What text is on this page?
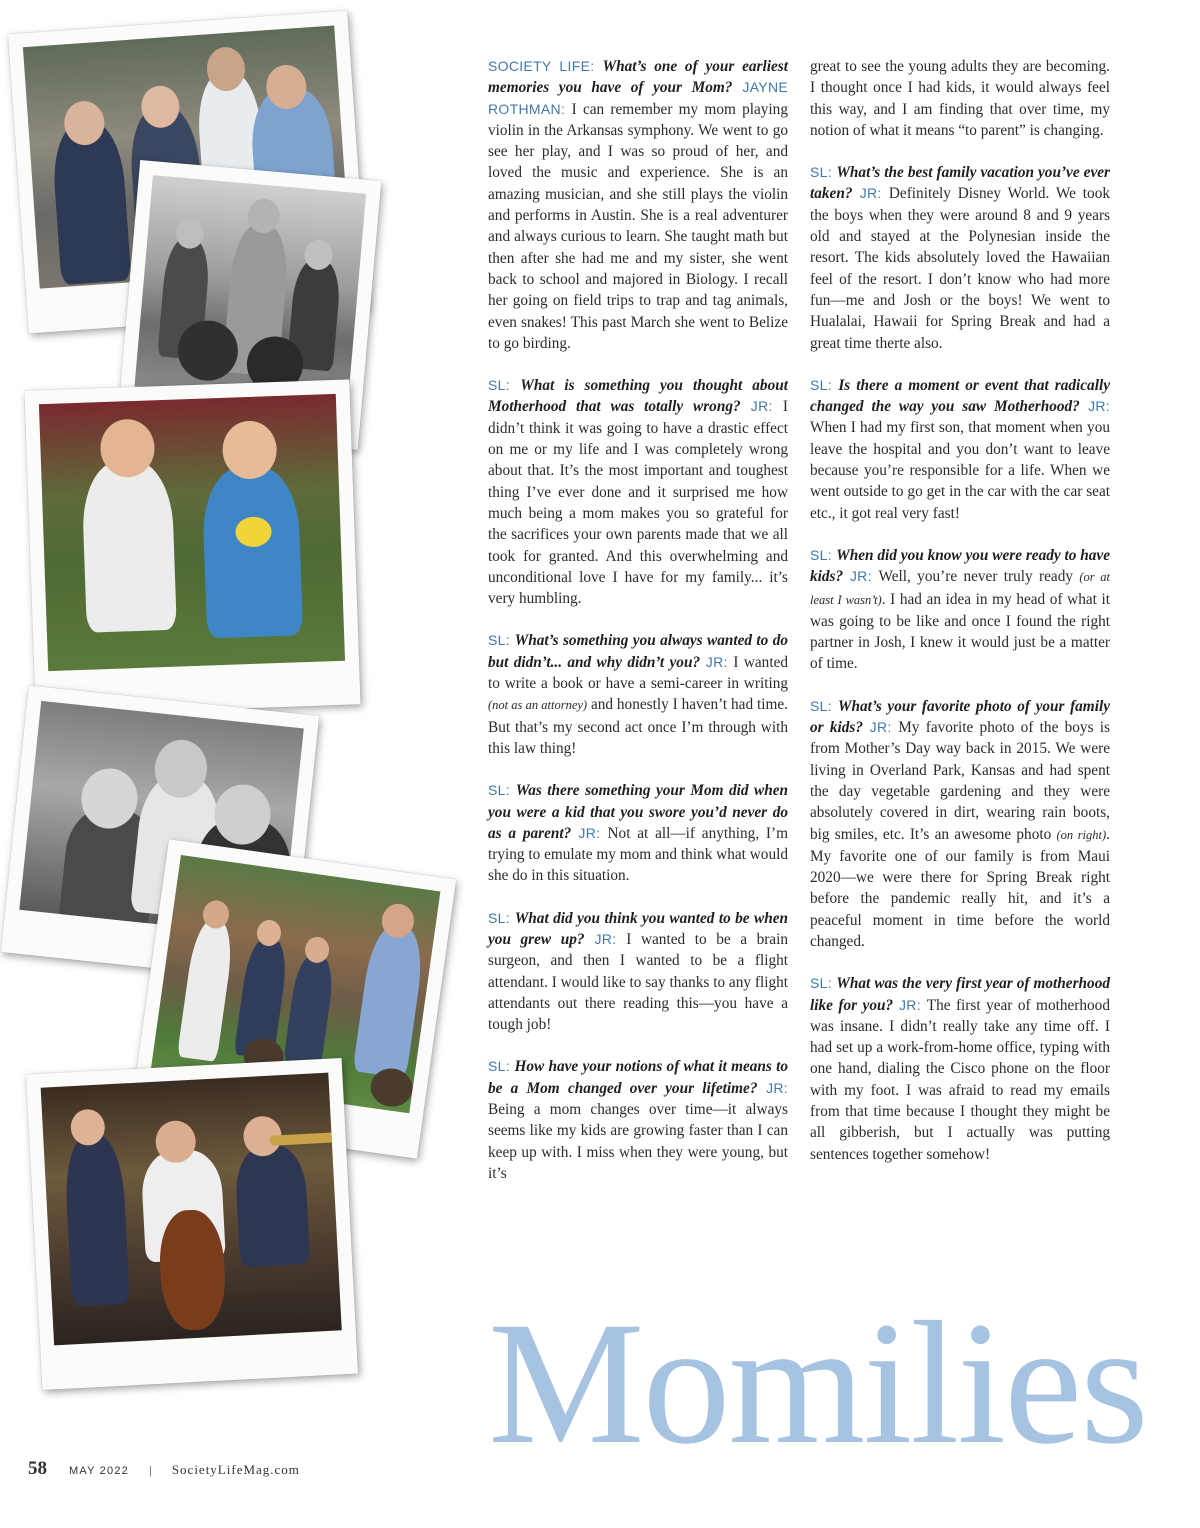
SOCIETY LIFE: What’s one of your earliest memories you have of your Mom? JAYNE ROTHMAN: I can remember my mom playing violin in the Arkansas symphony. We went to go see her play, and I was so proud of her, and loved the music and experience. She is an amazing musician, and she still plays the violin and performs in Austin. She is a real adventurer and always curious to learn. She taught math but then after she had me and my sister, she went back to school and majored in Biology. I recall her going on field trips to trap and tag animals, even snakes! This past March she went to Belize to go birding.

SL: What is something you thought about Motherhood that was totally wrong? JR: I didn’t think it was going to have a drastic effect on me or my life and I was completely wrong about that. It’s the most important and toughest thing I’ve ever done and it surprised me how much being a mom makes you so grateful for the sacrifices your own parents made that we all took for granted. And this overwhelming and unconditional love I have for my family... it’s very humbling.

SL: What’s something you always wanted to do but didn’t... and why didn’t you? JR: I wanted to write a book or have a semi-career in writing (not as an attorney) and honestly I haven’t had time. But that’s my second act once I’m through with this law thing!

SL: Was there something your Mom did when you were a kid that you swore you’d never do as a parent? JR: Not at all—if anything, I’m trying to emulate my mom and think what would she do in this situation.

SL: What did you think you wanted to be when you grew up? JR: I wanted to be a brain surgeon, and then I wanted to be a flight attendant. I would like to say thanks to any flight attendants out there reading this—you have a tough job!

SL: How have your notions of what it means to be a Mom changed over your lifetime? JR: Being a mom changes over time—it always seems like my kids are growing faster than I can keep up with. I miss when they were young, but it’s

great to see the young adults they are becoming. I thought once I had kids, it would always feel this way, and I am finding that over time, my notion of what it means “to parent” is changing.

SL: What’s the best family vacation you’ve ever taken? JR: Definitely Disney World. We took the boys when they were around 8 and 9 years old and stayed at the Polynesian inside the resort. The kids absolutely loved the Hawaiian feel of the resort. I don’t know who had more fun—me and Josh or the boys! We went to Hualalai, Hawaii for Spring Break and had a great time therte also.

SL: Is there a moment or event that radically changed the way you saw Motherhood? JR: When I had my first son, that moment when you leave the hospital and you don’t want to leave because you’re responsible for a life. When we went outside to go get in the car with the car seat etc., it got real very fast!

SL: When did you know you were ready to have kids? JR: Well, you’re never truly ready (or at least I wasn’t). I had an idea in my head of what it was going to be like and once I found the right partner in Josh, I knew it would just be a matter of time.

SL: What’s your favorite photo of your family or kids? JR: My favorite photo of the boys is from Mother’s Day way back in 2015. We were living in Overland Park, Kansas and had spent the day vegetable gardening and they were absolutely covered in dirt, wearing rain boots, big smiles, etc. It’s an awesome photo (on right). My favorite one of our family is from Maui 2020—we were there for Spring Break right before the pandemic really hit, and it’s a peaceful moment in time before the world changed.

SL: What was the very first year of motherhood like for you? JR: The first year of motherhood was insane. I didn’t really take any time off. I had set up a work-from-home office, typing with one hand, dialing the Cisco phone on the floor with my foot. I was afraid to read my emails from that time because I thought they might be all gibberish, but I actually was putting sentences together somehow!

Momilies
58 MAY 2022 | SocietyLifeMag.com
